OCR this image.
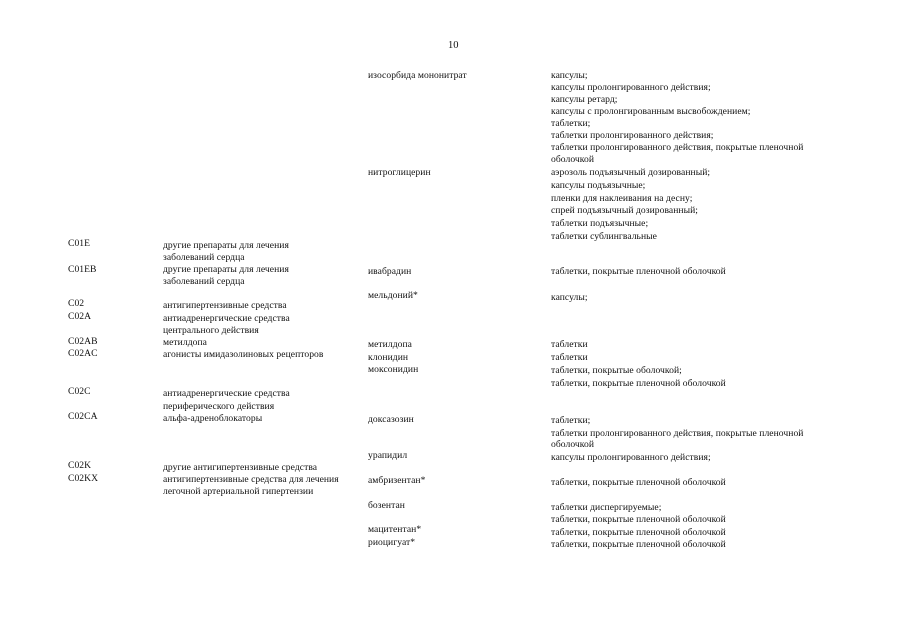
10
изосорбида мононитрат	капсулы;
капсулы пролонгированного действия;
капсулы ретард;
капсулы с пролонгированным высвобождением;
таблетки;
таблетки пролонгированного действия;
таблетки пролонгированного действия, покрытые пленочной
оболочкой
нитроглицерин	аэрозоль подъязычный дозированный;
капсулы подъязычные;
пленки для наклеивания на десну;
спрей подъязычный дозированный;
таблетки подъязычные;
таблетки сублингвальные
C01E	другие препараты для лечения
заболеваний сердца
C01EB	другие препараты для лечения
заболеваний сердца
ивабрадин	таблетки, покрытые пленочной оболочкой
мельдоний*	капсулы;
C02	антигипертензивные средства
C02A	антиадренергические средства
центрального действия
C02AB	метилдопа	метилдопа	таблетки
C02AC	агонисты имидазолиновых рецепторов	клонидин	таблетки
моксонидин	таблетки, покрытые оболочкой;
таблетки, покрытые пленочной оболочкой
C02C	антиадренергические средства
периферического действия
C02CA	альфа-адреноблокаторы	доксазозин	таблетки;
таблетки пролонгированного действия, покрытые пленочной
оболочкой
урапидил	капсулы пролонгированного действия;
C02K	другие антигипертензивные средства
C02KX	антигипертензивные средства для лечения
легочной артериальной гипертензии
амбризентан*	таблетки, покрытые пленочной оболочкой
бозентан	таблетки диспергируемые;
таблетки, покрытые пленочной оболочкой
мацитентан*	таблетки, покрытые пленочной оболочкой
риоцигуат*	таблетки, покрытые пленочной оболочкой
